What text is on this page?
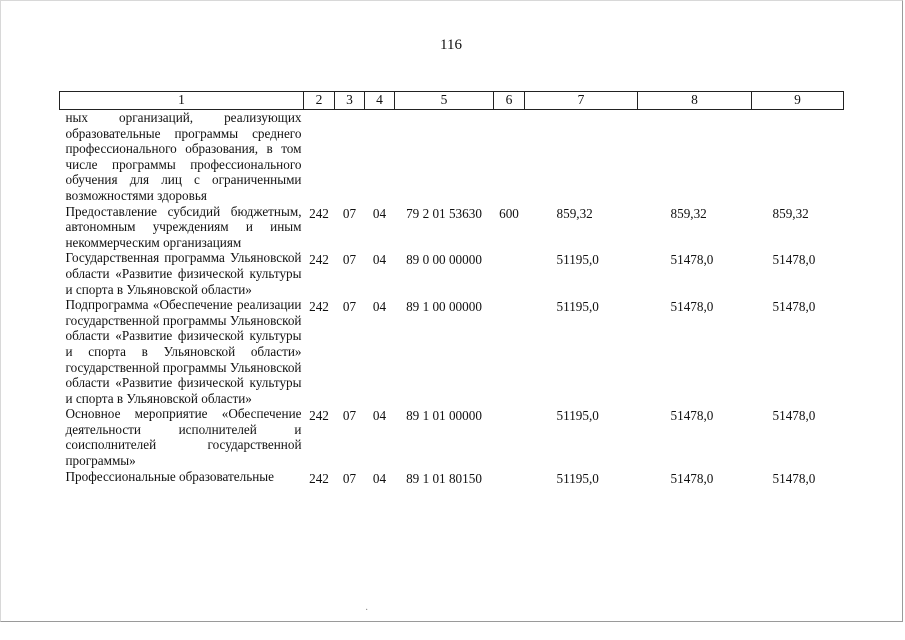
116
1	2	3	4	5	6	7	8	9
ных организаций, реализующих образовательные программы среднего профессионального образования, в том числе программы профессионального обучения для лиц с ограниченными возможностями здоровья								
Предоставление субсидий бюджетным, автономным учреждениям и иным некоммерческим организациям	242	07	04	79 2 01 53630	600	859,32	859,32	859,32
Государственная программа Ульяновской области «Развитие физической культуры и спорта в Ульяновской области»	242	07	04	89 0 00 00000		51195,0	51478,0	51478,0
Подпрограмма «Обеспечение реализации государственной программы Ульяновской области «Развитие физической культуры и спорта в Ульяновской области» государственной программы Ульяновской области «Развитие физической культуры и спорта в Ульяновской области»	242	07	04	89 1 00 00000		51195,0	51478,0	51478,0
Основное мероприятие «Обеспечение деятельности исполнителей и соисполнителей государственной программы»	242	07	04	89 1 01 00000		51195,0	51478,0	51478,0
Профессиональные образовательные	242	07	04	89 1 01 80150		51195,0	51478,0	51478,0
·
